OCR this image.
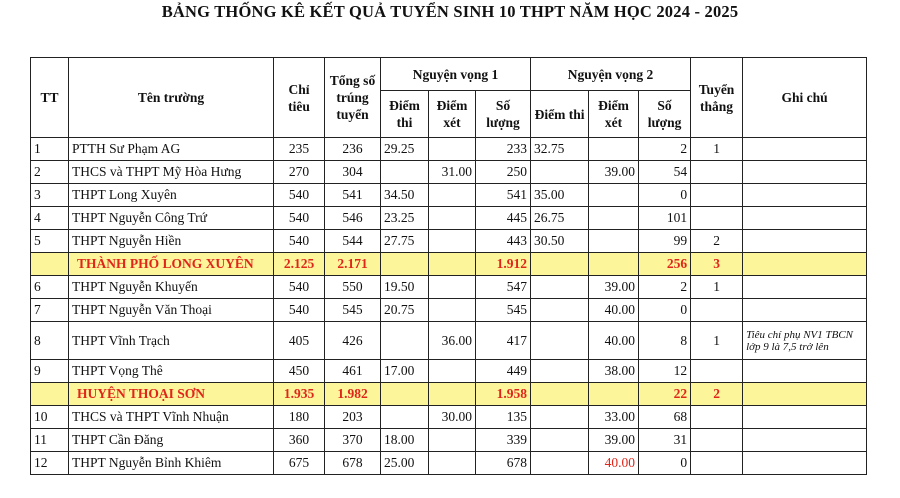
BẢNG THỐNG KÊ KẾT QUẢ TUYỂN SINH 10 THPT NĂM HỌC 2024 - 2025
TT	Tên trường	Chỉ tiêu	Tổng số trúng tuyển	Nguyện vọng 1			Nguyện vọng 2			Tuyển thẳng	Ghi chú
				Điểm thi	Điểm xét	Số lượng	Điểm thi	Điểm xét	Số lượng		
1	PTTH Sư Phạm AG	235	236	29.25		233	32.75		2	1	
2	THCS và THPT Mỹ Hòa Hưng	270	304		31.00	250		39.00	54		
3	THPT Long Xuyên	540	541	34.50		541	35.00		0		
4	THPT Nguyễn Công Trứ	540	546	23.25		445	26.75		101		
5	THPT Nguyễn Hiền	540	544	27.75		443	30.50		99	2	
	THÀNH PHỐ LONG XUYÊN	2.125	2.171			1.912			256	3	
6	THPT Nguyễn Khuyến	540	550	19.50		547		39.00	2	1	
7	THPT Nguyễn Văn Thoại	540	545	20.75		545		40.00	0		
8	THPT Vĩnh Trạch	405	426		36.00	417		40.00	8	1	Tiêu chí phụ NV1 TBCN lớp 9 là 7,5 trở lên
9	THPT Vọng Thê	450	461	17.00		449		38.00	12		
	HUYỆN THOẠI SƠN	1.935	1.982			1.958			22	2	
10	THCS và THPT Vĩnh Nhuận	180	203		30.00	135		33.00	68		
11	THPT Cần Đăng	360	370	18.00		339		39.00	31		
12	THPT Nguyễn Bỉnh Khiêm	675	678	25.00		678		40.00	0		
